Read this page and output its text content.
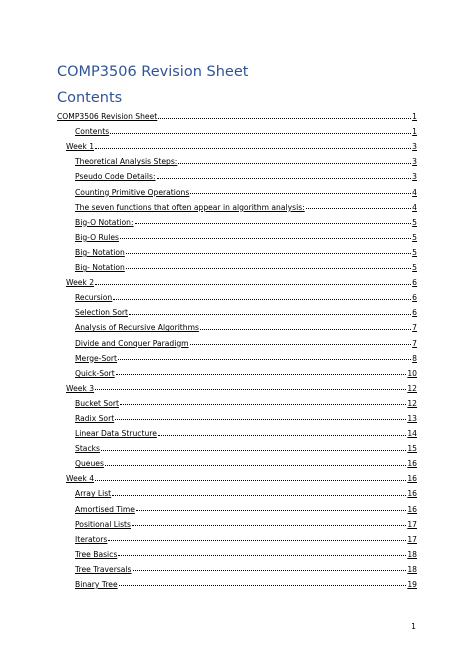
COMP3506 Revision Sheet
Contents
COMP3506 Revision Sheet	1
Contents	1
Week 1	3
Theoretical Analysis Steps:	3
Pseudo Code Details:	3
Counting Primitive Operations	4
The seven functions that often appear in algorithm analysis:	4
Big-O Notation:	5
Big-O Rules	5
Big- Notation	5
Big- Notation	5
Week 2	6
Recursion	6
Selection Sort	6
Analysis of Recursive Algorithms	7
Divide and Conquer Paradigm	7
Merge-Sort	8
Quick-Sort	10
Week 3	12
Bucket Sort	12
Radix Sort	13
Linear Data Structure	14
Stacks	15
Queues	16
Week 4	16
Array List	16
Amortised Time	16
Positional Lists	17
Iterators	17
Tree Basics	18
Tree Traversals	18
Binary Tree	19
1
